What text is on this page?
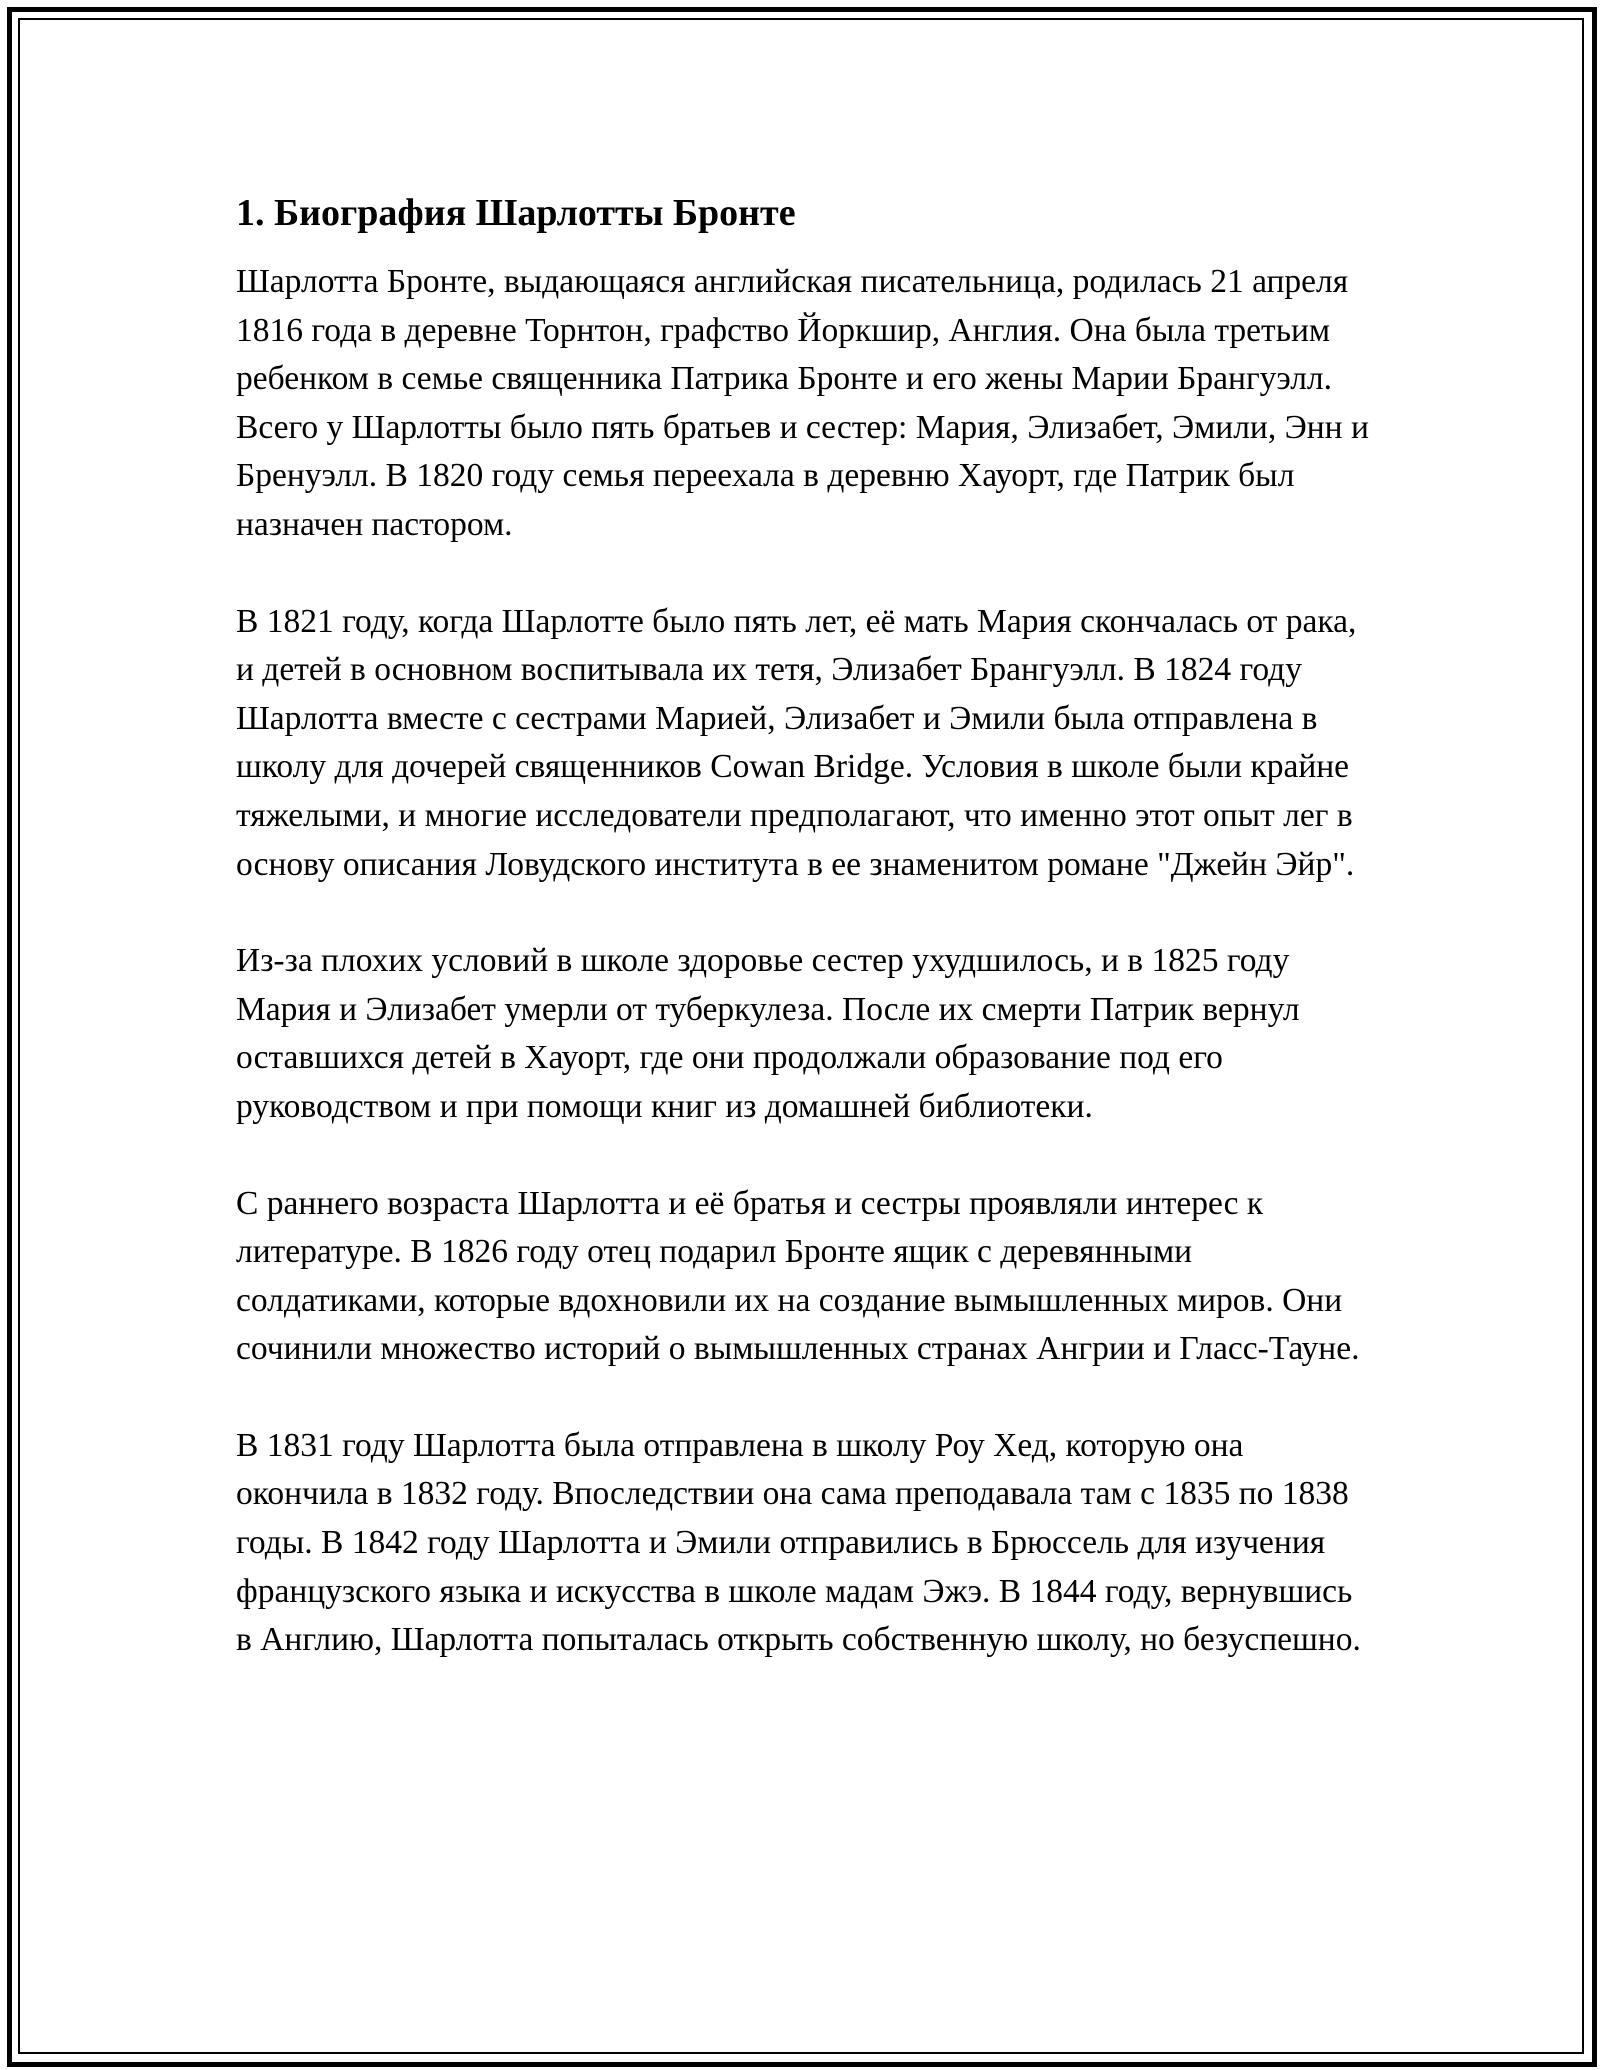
1. Биография Шарлотты Бронте

Шарлотта Бронте, выдающаяся английская писательница, родилась 21 апреля 1816 года в деревне Торнтон, графство Йоркшир, Англия. Она была третьим ребенком в семье священника Патрика Бронте и его жены Марии Брангуэлл. Всего у Шарлотты было пять братьев и сестер: Мария, Элизабет, Эмили, Энн и Бренуэлл. В 1820 году семья переехала в деревню Хауорт, где Патрик был назначен пастором.

В 1821 году, когда Шарлотте было пять лет, её мать Мария скончалась от рака, и детей в основном воспитывала их тетя, Элизабет Брангуэлл. В 1824 году Шарлотта вместе с сестрами Марией, Элизабет и Эмили была отправлена в школу для дочерей священников Cowan Bridge. Условия в школе были крайне тяжелыми, и многие исследователи предполагают, что именно этот опыт лег в основу описания Ловудского института в ее знаменитом романе "Джейн Эйр".

Из-за плохих условий в школе здоровье сестер ухудшилось, и в 1825 году Мария и Элизабет умерли от туберкулеза. После их смерти Патрик вернул оставшихся детей в Хауорт, где они продолжали образование под его руководством и при помощи книг из домашней библиотеки.

С раннего возраста Шарлотта и её братья и сестры проявляли интерес к литературе. В 1826 году отец подарил Бронте ящик с деревянными солдатиками, которые вдохновили их на создание вымышленных миров. Они сочинили множество историй о вымышленных странах Ангрии и Гласс-Тауне.

В 1831 году Шарлотта была отправлена в школу Роу Хед, которую она окончила в 1832 году. Впоследствии она сама преподавала там с 1835 по 1838 годы. В 1842 году Шарлотта и Эмили отправились в Брюссель для изучения французского языка и искусства в школе мадам Эжэ. В 1844 году, вернувшись в Англию, Шарлотта попыталась открыть собственную школу, но безуспешно.
